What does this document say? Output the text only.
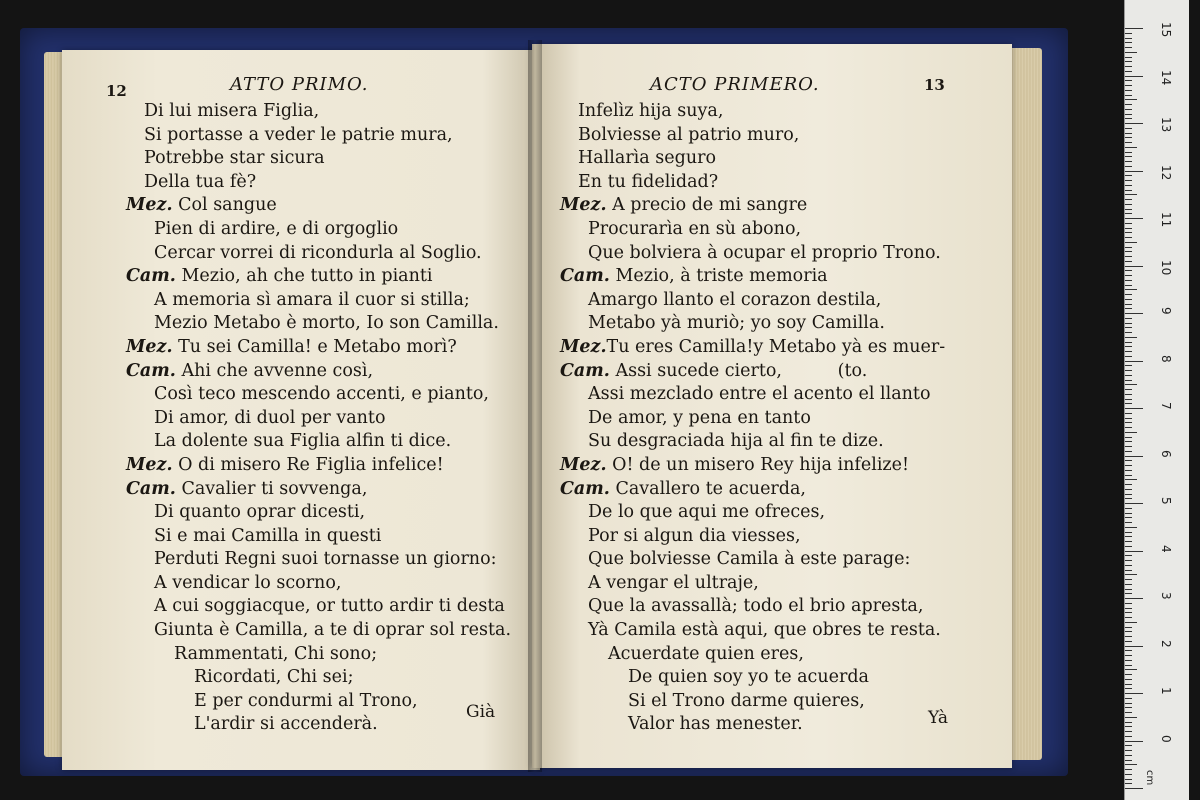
12	ATTO PRIMO.
Di lui misera Figlia,
Si portasse a veder le patrie mura,
Potrebbe star sicura
Della tua fè?
Mez. Col sangue
Pien di ardire, e di orgoglio
Cercar vorrei di ricondurla al Soglio.
Cam. Mezio, ah che tutto in pianti
A memoria sì amara il cuor si stilla;
Mezio Metabo è morto, Io son Camilla.
Mez. Tu sei Camilla! e Metabo morì?
Cam. Ahi che avvenne così,
Così teco mescendo accenti, e pianto,
Di amor, di duol per vanto
La dolente sua Figlia alfin ti dice.
Mez. O di misero Re Figlia infelice!
Cam. Cavalier ti sovvenga,
Di quanto oprar dicesti,
Si e mai Camilla in questi
Perduti Regni suoi tornasse un giorno:
A vendicar lo scorno,
A cui soggiacque, or tutto ardir ti desta
Giunta è Camilla, a te di oprar sol resta.
Rammentati, Chi sono;
Ricordati, Chi sei;
E per condurmi al Trono,
L'ardir si accenderà.
Già
ACTO PRIMERO.	13
Infelìz hija suya,
Bolviesse al patrio muro,
Hallarìa seguro
En tu fidelidad?
Mez. A precio de mi sangre
Procurarìa en sù abono,
Que bolviera à ocupar el proprio Trono.
Cam. Mezio, à triste memoria
Amargo llanto el corazon destila,
Metabo yà muriò; yo soy Camilla.
Mez.Tu eres Camilla!y Metabo yà es muer-
Cam. Assi sucede cierto,          (to.
Assi mezclado entre el acento el llanto
De amor, y pena en tanto
Su desgraciada hija al fin te dize.
Mez. O! de un misero Rey hija infelize!
Cam. Cavallero te acuerda,
De lo que aqui me ofreces,
Por si algun dia viesses,
Que bolviesse Camila à este parage:
A vengar el ultraje,
Que la avassallà; todo el brio apresta,
Yà Camila està aqui, que obres te resta.
Acuerdate quien eres,
De quien soy yo te acuerda
Si el Trono darme quieres,
Valor has menester.	Yà
15
14
13
12
11
10
9
8
7
6
5
4
3
2
1
0
cm
